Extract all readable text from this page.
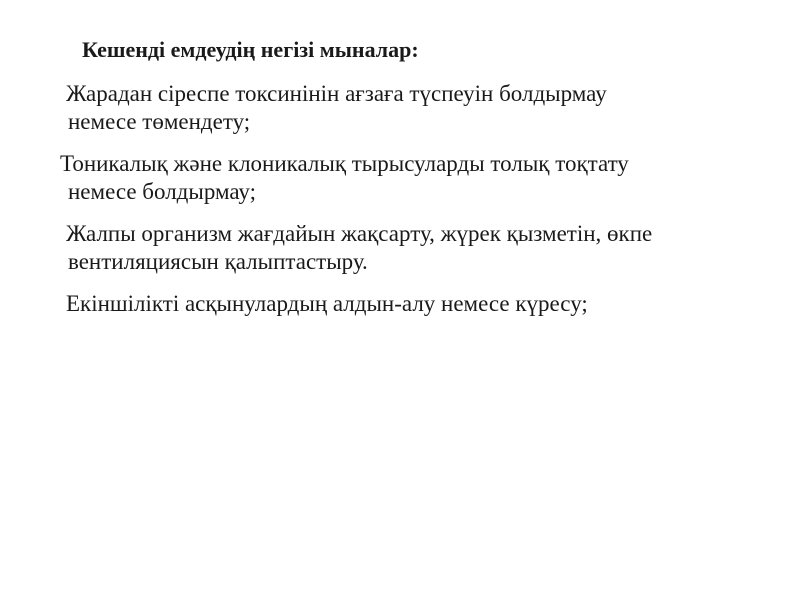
Кешенді емдеудің негізі мыналар:
Жарадан сіреспе токсинінін ағзаға түспеуін болдырмау
немесе төмендету;
Тоникалық және клоникалық тырысуларды толық тоқтату
немесе болдырмау;
Жалпы организм жағдайын жақсарту, жүрек қызметін, өкпе
вентиляциясын қалыптастыру.
Екіншілікті асқынулардың алдын-алу немесе күресу;
